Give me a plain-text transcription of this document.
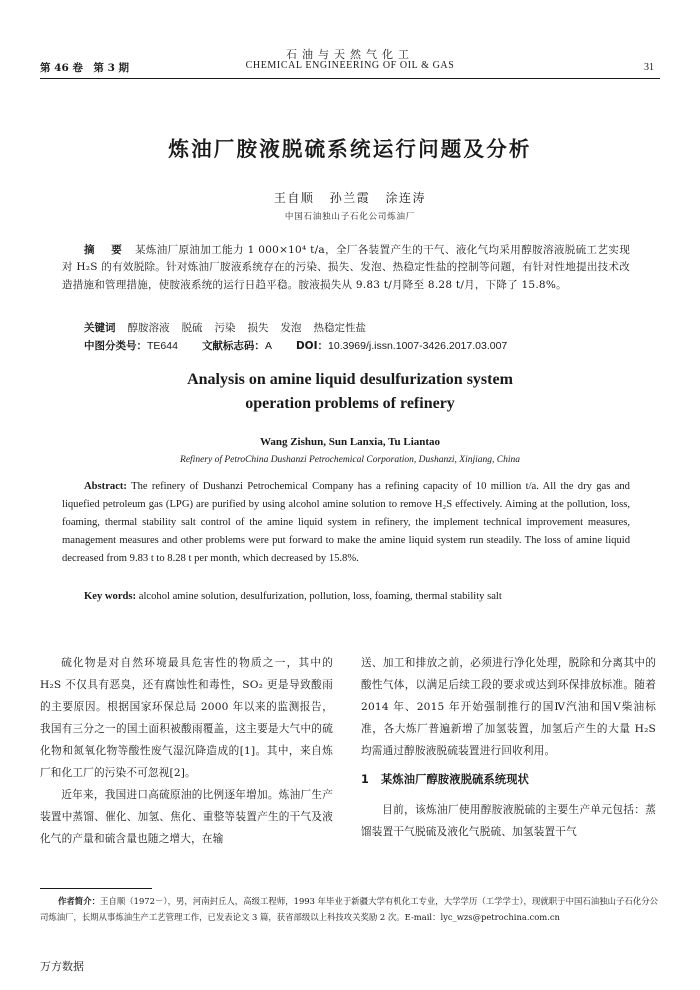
石油与天然气化工
CHEMICAL ENGINEERING OF OIL & GAS
第 46 卷　第 3 期	31
炼油厂胺液脱硫系统运行问题及分析
王自顺 孙兰霞 涂连涛
中国石油独山子石化公司炼油厂
摘　要 某炼油厂原油加工能力 1 000×10⁴ t/a，全厂各装置产生的干气、液化气均采用醇胺溶液脱硫工艺实现对 H₂S 的有效脱除。针对炼油厂胺液系统存在的污染、损失、发泡、热稳定性盐的控制等问题，有针对性地提出技术改造措施和管理措施，使胺液系统的运行日趋平稳。胺液损失从 9.83 t/月降至 8.28 t/月，下降了 15.8%。
关键词 醇胺溶液 脱硫 污染 损失 发泡 热稳定性盐
中图分类号：TE644 文献标志码：A DOI：10.3969/j.issn.1007-3426.2017.03.007
Analysis on amine liquid desulfurization system operation problems of refinery
Wang Zishun, Sun Lanxia, Tu Liantao
Refinery of PetroChina Dushanzi Petrochemical Corporation, Dushanzi, Xinjiang, China
Abstract: The refinery of Dushanzi Petrochemical Company has a refining capacity of 10 million t/a. All the dry gas and liquefied petroleum gas (LPG) are purified by using alcohol amine solution to remove H₂S effectively. Aiming at the pollution, loss, foaming, thermal stability salt control of the amine liquid system in refinery, the implement technical improvement measures, management measures and other problems were put forward to make the amine liquid system run steadily. The loss of amine liquid decreased from 9.83 t to 8.28 t per month, which decreased by 15.8%.
Key words: alcohol amine solution, desulfurization, pollution, loss, foaming, thermal stability salt

硫化物是对自然环境最具危害性的物质之一，其中的 H₂S 不仅具有恶臭，还有腐蚀性和毒性，SO₂ 更是导致酸雨的主要原因。根据国家环保总局 2000 年以来的监测报告，我国有三分之一的国土面积被酸雨覆盖，这主要是大气中的硫化物和氮氧化物等酸性废气湿沉降造成的[1]。其中，来自炼厂和化工厂的污染不可忽视[2]。

近年来，我国进口高硫原油的比例逐年增加。炼油厂生产装置中蒸馏、催化、加氢、焦化、重整等装置产生的干气及液化气的产量和硫含量也随之增大，在输

送、加工和排放之前，必须进行净化处理，脱除和分离其中的酸性气体，以满足后续工段的要求或达到环保排放标准。随着 2014 年、2015 年开始强制推行的国Ⅳ汽油和国Ⅴ柴油标准，各大炼厂普遍新增了加氢装置，加氢后产生的大量 H₂S 均需通过醇胺液脱硫装置进行回收利用。

1 某炼油厂醇胺液脱硫系统现状

目前，该炼油厂使用醇胺液脱硫的主要生产单元包括：蒸馏装置干气脱硫及液化气脱硫、加氢装置干气

作者简介：王自顺（1972－），男，河南封丘人，高级工程师，1993 年毕业于新疆大学有机化工专业，大学学历（工学学士），现就职于中国石油独山子石化分公司炼油厂，长期从事炼油生产工艺管理工作，已发表论文 3 篇，获省部级以上科技攻关奖励 2 次。E-mail：lyc_wzs@petrochina.com.cn
万方数据
